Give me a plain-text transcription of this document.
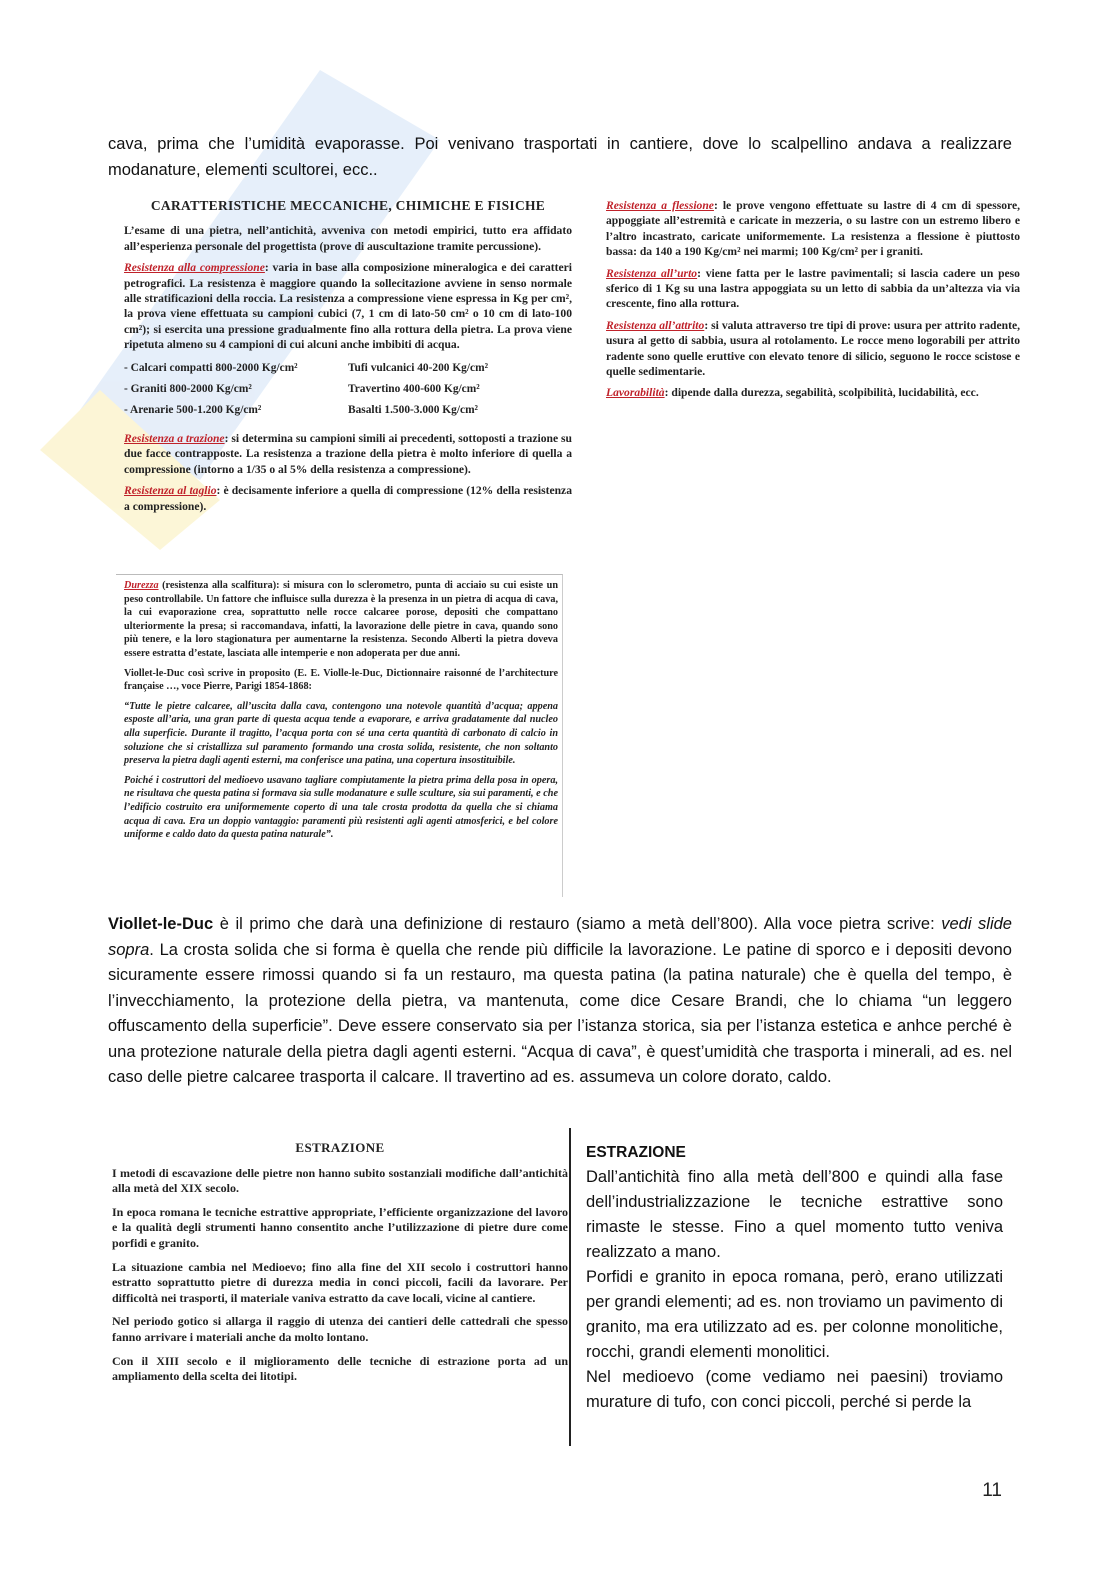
cava, prima che l’umidità evaporasse. Poi venivano trasportati in cantiere, dove lo scalpellino andava a realizzare modanature, elementi scultorei, ecc..
CARATTERISTICHE MECCANICHE, CHIMICHE E FISICHE

L’esame di una pietra, nell’antichità, avveniva con metodi empirici, tutto era affidato all’esperienza personale del progettista (prove di auscultazione tramite percussione).

Resistenza alla compressione: varia in base alla composizione mineralogica e dei caratteri petrografici. La resistenza è maggiore quando la sollecitazione avviene in senso normale alle stratificazioni della roccia. La resistenza a compressione viene espressa in Kg per cm², la prova viene effettuata su campioni cubici (7, 1 cm di lato-50 cm² o 10 cm di lato-100 cm²); si esercita una pressione gradualmente fino alla rottura della pietra. La prova viene ripetuta almeno su 4 campioni di cui alcuni anche imbibiti di acqua.

- Calcari compatti 800-2000 Kg/cm²	Tufi vulcanici 40-200 Kg/cm²
- Graniti 800-2000 Kg/cm²	Travertino 400-600 Kg/cm²
- Arenarie 500-1.200 Kg/cm²	Basalti 1.500-3.000 Kg/cm²

Resistenza a trazione: si determina su campioni simili ai precedenti, sottoposti a trazione su due facce contrapposte. La resistenza a trazione della pietra è molto inferiore di quella a compressione (intorno a 1/35 o al 5% della resistenza a compressione).

Resistenza al taglio: è decisamente inferiore a quella di compressione (12% della resistenza a compressione).

Resistenza a flessione: le prove vengono effettuate su lastre di 4 cm di spessore, appoggiate all’estremità e caricate in mezzeria, o su lastre con un estremo libero e l’altro incastrato, caricate uniformemente. La resistenza a flessione è piuttosto bassa: da 140 a 190 Kg/cm² nei marmi; 100 Kg/cm² per i graniti.

Resistenza all’urto: viene fatta per le lastre pavimentali; si lascia cadere un peso sferico di 1 Kg su una lastra appoggiata su un letto di sabbia da un’altezza via via crescente, fino alla rottura.

Resistenza all’attrito: si valuta attraverso tre tipi di prove: usura per attrito radente, usura al getto di sabbia, usura al rotolamento. Le rocce meno logorabili per attrito radente sono quelle eruttive con elevato tenore di silicio, seguono le rocce scistose e quelle sedimentarie.

Lavorabilità: dipende dalla durezza, segabilità, scolpibilità, lucidabilità, ecc.

Durezza (resistenza alla scalfitura): si misura con lo sclerometro, punta di acciaio su cui esiste un peso controllabile. Un fattore che influisce sulla durezza è la presenza in un pietra di acqua di cava, la cui evaporazione crea, soprattutto nelle rocce calcaree porose, depositi che compattano ulteriormente la presa; si raccomandava, infatti, la lavorazione delle pietre in cava, quando sono più tenere, e la loro stagionatura per aumentarne la resistenza. Secondo Alberti la pietra doveva essere estratta d’estate, lasciata alle intemperie e non adoperata per due anni.

Viollet-le-Duc così scrive in proposito (E. E. Violle-le-Duc, Dictionnaire raisonné de l’architecture française …, voce Pierre, Parigi 1854-1868:

“Tutte le pietre calcaree, all’uscita dalla cava, contengono una notevole quantità d’acqua; appena esposte all’aria, una gran parte di questa acqua tende a evaporare, e arriva gradatamente dal nucleo alla superficie. Durante il tragitto, l’acqua porta con sé una certa quantità di carbonato di calcio in soluzione che si cristallizza sul paramento formando una crosta solida, resistente, che non soltanto preserva la pietra dagli agenti esterni, ma conferisce una patina, una copertura insostituibile.

Poiché i costruttori del medioevo usavano tagliare compiutamente la pietra prima della posa in opera, ne risultava che questa patina si formava sia sulle modanature e sulle sculture, sia sui paramenti, e che l’edificio costruito era uniformemente coperto di una tale crosta prodotta da quella che si chiama acqua di cava. Era un doppio vantaggio: paramenti più resistenti agli agenti atmosferici, e bel colore uniforme e caldo dato da questa patina naturale”.

Viollet-le-Duc è il primo che darà una definizione di restauro (siamo a metà dell’800). Alla voce pietra scrive: vedi slide sopra. La crosta solida che si forma è quella che rende più difficile la lavorazione. Le patine di sporco e i depositi devono sicuramente essere rimossi quando si fa un restauro, ma questa patina (la patina naturale) che è quella del tempo, è l’invecchiamento, la protezione della pietra, va mantenuta, come dice Cesare Brandi, che lo chiama “un leggero offuscamento della superficie”. Deve essere conservato sia per l’istanza storica, sia per l’istanza estetica e anhce perché è una protezione naturale della pietra dagli agenti esterni. “Acqua di cava”, è quest’umidità che trasporta i minerali, ad es. nel caso delle pietre calcaree trasporta il calcare. Il travertino ad es. assumeva un colore dorato, caldo.
ESTRAZIONE

I metodi di escavazione delle pietre non hanno subito sostanziali modifiche dall’antichità alla metà del XIX secolo.

In epoca romana le tecniche estrattive appropriate, l’efficiente organizzazione del lavoro e la qualità degli strumenti hanno consentito anche l’utilizzazione di pietre dure come porfidi e granito.

La situazione cambia nel Medioevo; fino alla fine del XII secolo i costruttori hanno estratto soprattutto pietre di durezza media in conci piccoli, facili da lavorare. Per difficoltà nei trasporti, il materiale vaniva estratto da cave locali, vicine al cantiere.

Nel periodo gotico si allarga il raggio di utenza dei cantieri delle cattedrali che spesso fanno arrivare i materiali anche da molto lontano.

Con il XIII secolo e il miglioramento delle tecniche di estrazione porta ad un ampliamento della scelta dei litotipi.

ESTRAZIONE

Dall’antichità fino alla metà dell’800 e quindi alla fase dell’industrializzazione le tecniche estrattive sono rimaste le stesse. Fino a quel momento tutto veniva realizzato a mano.

Porfidi e granito in epoca romana, però, erano utilizzati per grandi elementi; ad es. non troviamo un pavimento di granito, ma era utilizzato ad es. per colonne monolitiche, rocchi, grandi elementi monolitici.

Nel medioevo (come vediamo nei paesini) troviamo murature di tufo, con conci piccoli, perché si perde la

11
